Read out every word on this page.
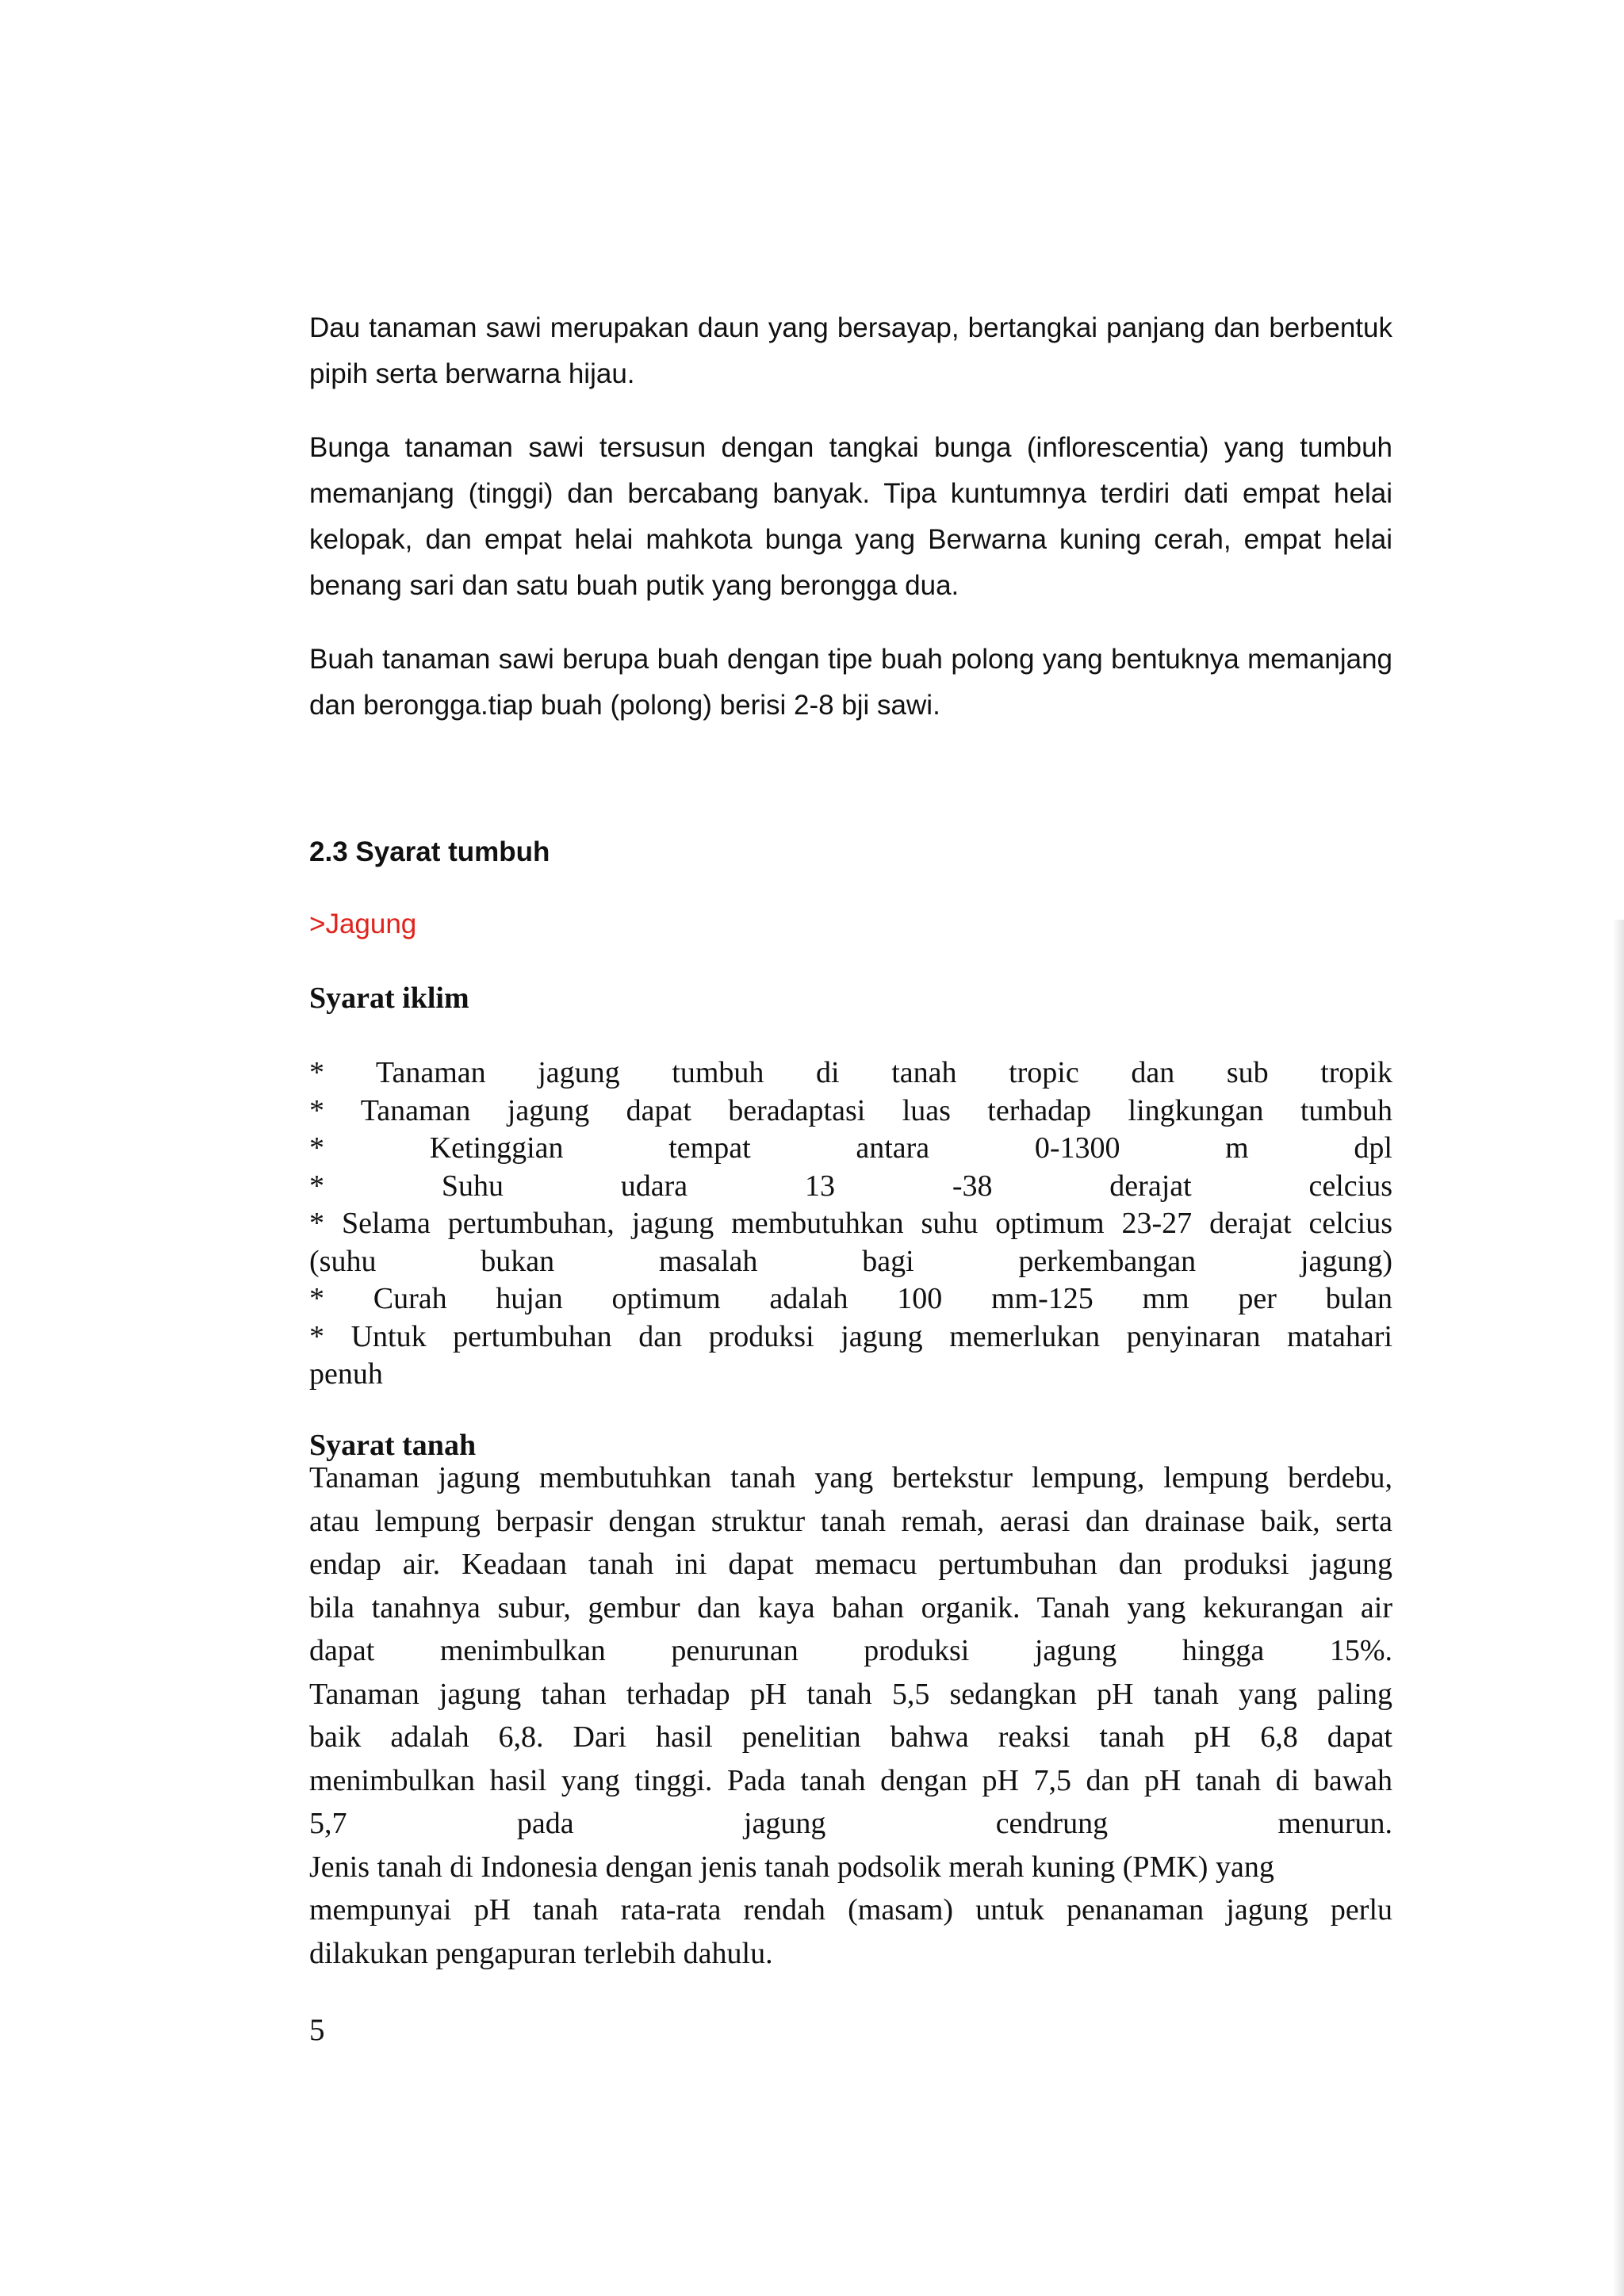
Dau tanaman sawi merupakan daun yang bersayap, bertangkai panjang dan berbentuk pipih serta berwarna hijau.

Bunga tanaman sawi tersusun dengan tangkai bunga (inflorescentia) yang tumbuh memanjang (tinggi) dan bercabang banyak. Tipa kuntumnya terdiri dati empat helai kelopak, dan empat helai mahkota bunga yang Berwarna kuning cerah, empat helai benang sari dan satu buah putik yang berongga dua.

Buah tanaman sawi berupa buah dengan tipe buah polong yang bentuknya memanjang dan berongga.tiap buah (polong) berisi 2-8 bji sawi.

2.3 Syarat tumbuh

>Jagung

Syarat iklim

* Tanaman jagung tumbuh di tanah tropic dan sub tropik
* Tanaman jagung dapat beradaptasi luas terhadap lingkungan tumbuh
* Ketinggian tempat antara 0-1300 m dpl
* Suhu udara 13 -38 derajat celcius
* Selama pertumbuhan, jagung membutuhkan suhu optimum 23-27 derajat celcius
(suhu bukan masalah bagi perkembangan jagung)
* Curah hujan optimum adalah 100 mm-125 mm per bulan
* Untuk pertumbuhan dan produksi jagung memerlukan penyinaran matahari
penuh

Syarat tanah

Tanaman jagung membutuhkan tanah yang bertekstur lempung, lempung berdebu,
atau lempung berpasir dengan struktur tanah remah, aerasi dan drainase baik, serta
endap air. Keadaan tanah ini dapat memacu pertumbuhan dan produksi jagung
bila tanahnya subur, gembur dan kaya bahan organik. Tanah yang kekurangan air
dapat menimbulkan penurunan produksi jagung hingga 15%.
Tanaman jagung tahan terhadap pH tanah 5,5 sedangkan pH tanah yang paling
baik adalah 6,8. Dari hasil penelitian bahwa reaksi tanah pH 6,8 dapat
menimbulkan hasil yang tinggi. Pada tanah dengan pH 7,5 dan pH tanah di bawah
5,7 pada jagung cendrung menurun.
Jenis tanah di Indonesia dengan jenis tanah podsolik merah kuning (PMK) yang
mempunyai pH tanah rata-rata rendah (masam) untuk penanaman jagung perlu
dilakukan pengapuran terlebih dahulu.

5
